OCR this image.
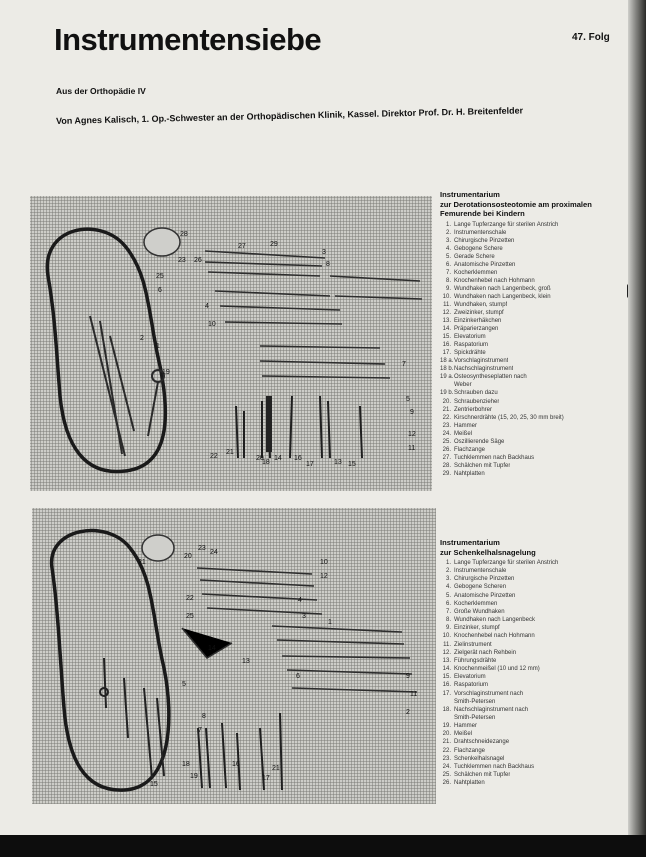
Instrumentensiebe	47. Folg
Aus der Orthopädie IV
Von Agnes Kalisch, 1. Op.-Schwester an der Orthopädischen Klinik, Kassel. Direktor Prof. Dr. H. Breitenfelder
28
27	29
3
26
23
25
10
4
8
2
1
7
9
5
14 16
13
12
11
6
22
21
19
20
18	17	15
21
20
23
24
22
25
10
12
4
3
14
1
9
5
13
11
6
2
8
7
18	16
19	17
15
21
Instrumentarium
zur Derotationsosteotomie am proximalen
Femurende bei Kindern
1. Lange Tupferzange für sterilen Anstrich
2. Instrumentenschale
3. Chirurgische Pinzetten
4. Gebogene Schere
5. Gerade Schere
6. Anatomische Pinzetten
7. Kocherklemmen
8. Knochenhebel nach Hohmann
9. Wundhaken nach Langenbeck, groß
10. Wundhaken nach Langenbeck, klein
11. Wundhaken, stumpf
12. Zweizinker, stumpf
13. Einzinkerhäkchen
14. Präparierzangen
15. Elevatorium
16. Raspatorium
17. Spickdrähte
18 a. Vorschlaginstrument
18 b. Nachschlaginstrument
19 a. Osteosyntheseplatten nach
Weber
19 b. Schrauben dazu
20. Schraubenzieher
21. Zentrierbohrer
22. Kirschnerdrähte (15, 20, 25, 30 mm breit)
23. Hammer
24. Meißel
25. Oszillierende Säge
26. Flachzange
27. Tuchklemmen nach Backhaus
28. Schälchen mit Tupfer
29. Nahtplatten
Instrumentarium
zur Schenkelhalsnagelung
1. Lange Tupferzange für sterilen Anstrich
2. Instrumentenschale
3. Chirurgische Pinzetten
4. Gebogene Scheren
5. Anatomische Pinzetten
6. Kocherklemmen
7. Große Wundhaken
8. Wundhaken nach Langenbeck
9. Einzinker, stumpf
10. Knochenhebel nach Hohmann
11. Zielinstrument
12. Zielgerät nach Rehbein
13. Führungsdrähte
14. Knochenmeißel (10 und 12 mm)
15. Elevatorium
16. Raspatorium
17. Vorschlaginstrument nach
Smith-Petersen
18. Nachschlaginstrument nach
Smith-Petersen
19. Hammer
20. Meißel
21. Drahtschneidezange
22. Flachzange
23. Schenkelhalsnagel
24. Tuchklemmen nach Backhaus
25. Schälchen mit Tupfer
26. Nahtplatten
